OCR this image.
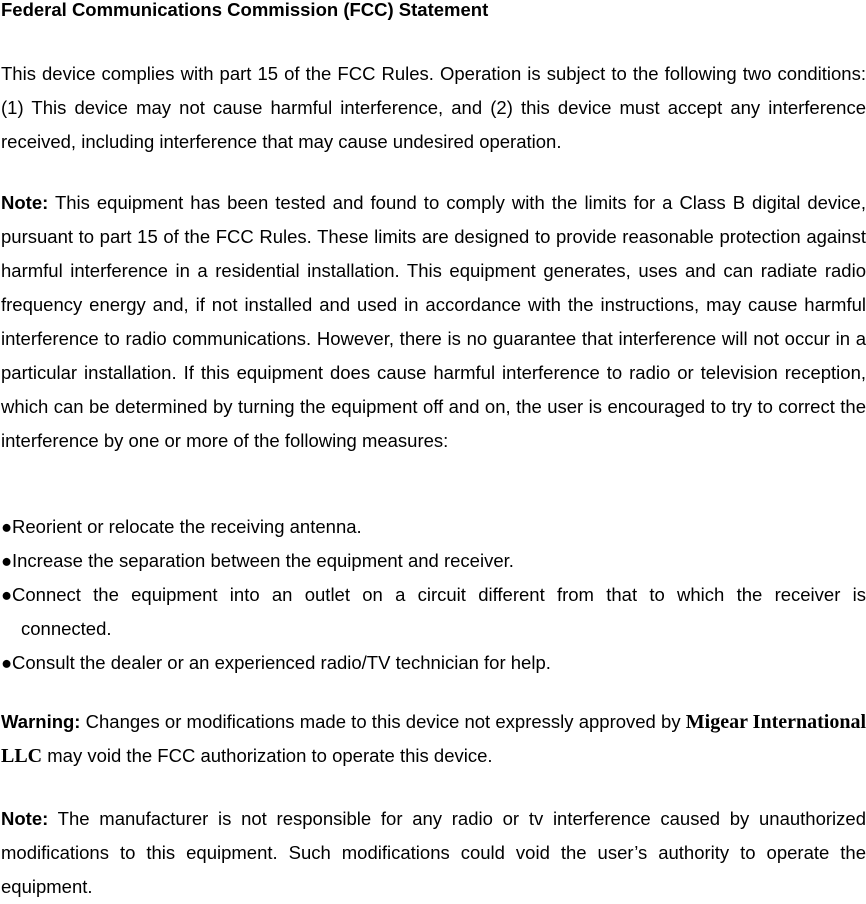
Federal Communications Commission (FCC) Statement

This device complies with part 15 of the FCC Rules. Operation is subject to the following two conditions: (1) This device may not cause harmful interference, and (2) this device must accept any interference received, including interference that may cause undesired operation.

Note: This equipment has been tested and found to comply with the limits for a Class B digital device, pursuant to part 15 of the FCC Rules. These limits are designed to provide reasonable protection against harmful interference in a residential installation. This equipment generates, uses and can radiate radio frequency energy and, if not installed and used in accordance with the instructions, may cause harmful interference to radio communications. However, there is no guarantee that interference will not occur in a particular installation. If this equipment does cause harmful interference to radio or television reception, which can be determined by turning the equipment off and on, the user is encouraged to try to correct the interference by one or more of the following measures:

● Reorient or relocate the receiving antenna.
● Increase the separation between the equipment and receiver.
● Connect the equipment into an outlet on a circuit different from that to which the receiver is
connected.
● Consult the dealer or an experienced radio/TV technician for help.

Warning: Changes or modifications made to this device not expressly approved by Migear International LLC may void the FCC authorization to operate this device.

Note: The manufacturer is not responsible for any radio or tv interference caused by unauthorized modifications to this equipment. Such modifications could void the user’s authority to operate the equipment.
